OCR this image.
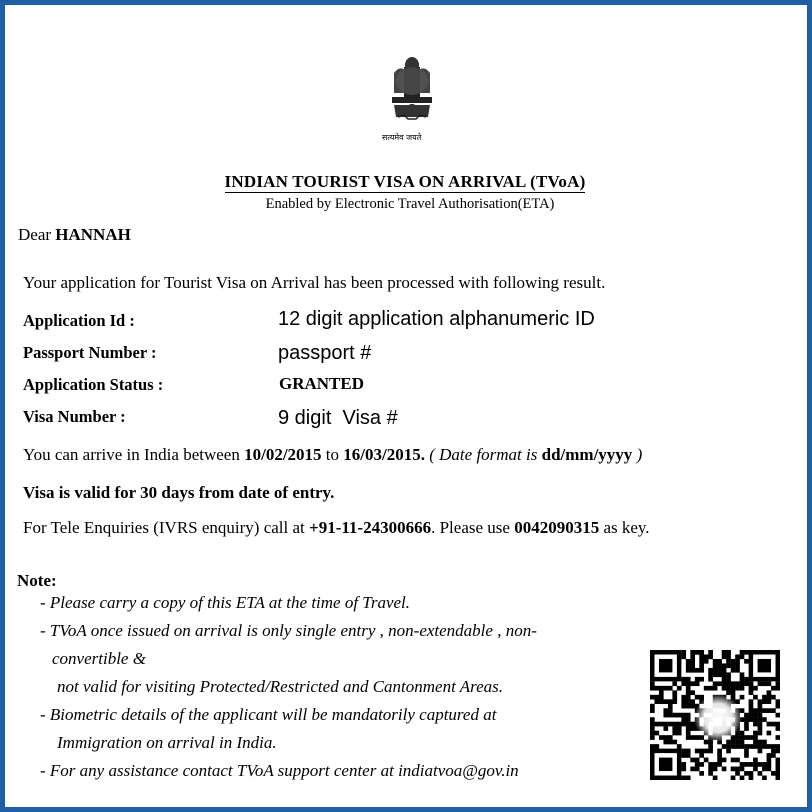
सत्यमेव जयते
INDIAN TOURIST VISA ON ARRIVAL (TVoA)
Enabled by Electronic Travel Authorisation(ETA)
Dear HANNAH
Your application for Tourist Visa on Arrival has been processed with following result.
Application Id :	12 digit application alphanumeric ID
Passport Number :	passport #
Application Status :	GRANTED
Visa Number :	9 digit  Visa #
You can arrive in India between 10/02/2015 to 16/03/2015. ( Date format is dd/mm/yyyy )
Visa is valid for 30 days from date of entry.
For Tele Enquiries (IVRS enquiry) call at +91-11-24300666. Please use 0042090315 as key.
Note:
- Please carry a copy of this ETA at the time of Travel.
- TVoA once issued on arrival is only single entry , non-extendable , non-
convertible &
not valid for visiting Protected/Restricted and Cantonment Areas.
- Biometric details of the applicant will be mandatorily captured at
Immigration on arrival in India.
- For any assistance contact TVoA support center at indiatvoa@gov.in
